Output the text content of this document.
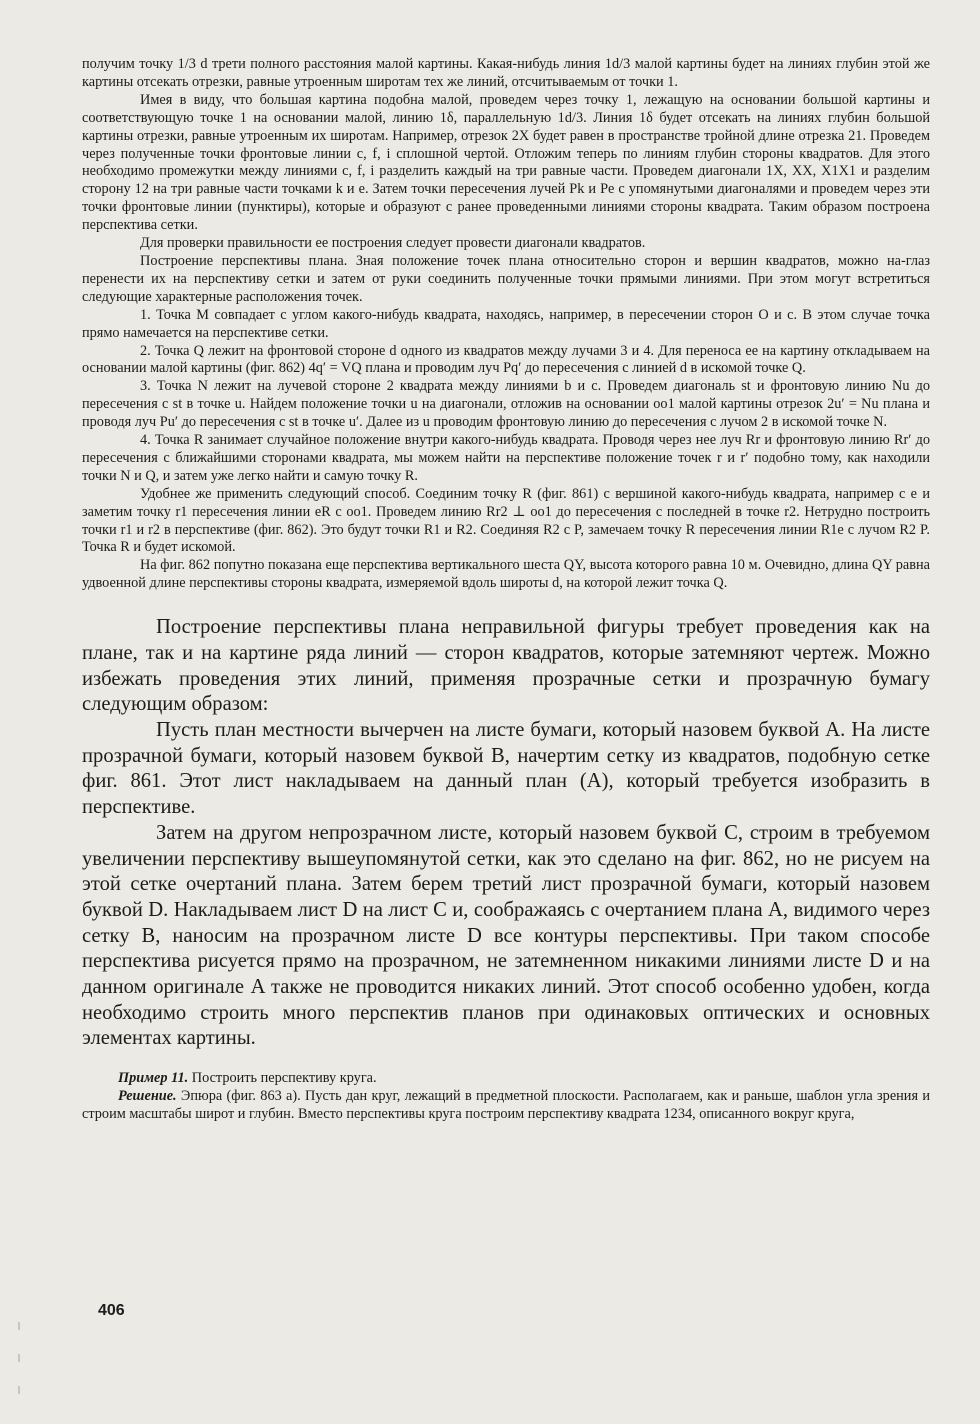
получим точку 1/3 d трети полного расстояния малой картины. Какая-нибудь линия 1d/3 малой картины будет на линиях глубин этой же картины отсекать отрезки, равные утроенным широтам тех же линий, отсчитываемым от точки 1.

Имея в виду, что большая картина подобна малой, проведем через точку 1, лежащую на основании большой картины и соответствующую точке 1 на основании малой, линию 1δ, параллельную 1d/3. Линия 1δ будет отсекать на линиях глубин большой картины отрезки, равные утроенным их широтам. Например, отрезок 2X будет равен в пространстве тройной длине отрезка 21. Проведем через полученные точки фронтовые линии c, f, i сплошной чертой. Отложим теперь по линиям глубин стороны квадратов. Для этого необходимо промежутки между линиями c, f, i разделить каждый на три равные части. Проведем диагонали 1X, XX, X1X1 и разделим сторону 12 на три равные части точками k и e. Затем точки пересечения лучей Pk и Pe с упомянутыми диагоналями и проведем через эти точки фронтовые линии (пунктиры), которые и образуют с ранее проведенными линиями стороны квадрата. Таким образом построена перспектива сетки.

Для проверки правильности ее построения следует провести диагонали квадратов.

Построение перспективы плана. Зная положение точек плана относительно сторон и вершин квадратов, можно на-глаз перенести их на перспективу сетки и затем от руки соединить полученные точки прямыми линиями. При этом могут встретиться следующие характерные расположения точек.

1. Точка M совпадает с углом какого-нибудь квадрата, находясь, например, в пересечении сторон O и c. В этом случае точка прямо намечается на перспективе сетки.

2. Точка Q лежит на фронтовой стороне d одного из квадратов между лучами 3 и 4. Для переноса ее на картину откладываем на основании малой картины (фиг. 862) 4q′ = VQ плана и проводим луч Pq′ до пересечения с линией d в искомой точке Q.

3. Точка N лежит на лучевой стороне 2 квадрата между линиями b и c. Проведем диагональ st и фронтовую линию Nu до пересечения с st в точке u. Найдем положение точки u на диагонали, отложив на основании oo1 малой картины отрезок 2u′ = Nu плана и проводя луч Pu′ до пересечения с st в точке u′. Далее из u проводим фронтовую линию до пересечения с лучом 2 в искомой точке N.

4. Точка R занимает случайное положение внутри какого-нибудь квадрата. Проводя через нее луч Rr и фронтовую линию Rr′ до пересечения с ближайшими сторонами квадрата, мы можем найти на перспективе положение точек r и r′ подобно тому, как находили точки N и Q, и затем уже легко найти и самую точку R.

Удобнее же применить следующий способ. Соединим точку R (фиг. 861) с вершиной какого-нибудь квадрата, например с e и заметим точку r1 пересечения линии eR с oo1. Проведем линию Rr2 ⊥ oo1 до пересечения с последней в точке r2. Нетрудно построить точки r1 и r2 в перспективе (фиг. 862). Это будут точки R1 и R2. Соединяя R2 с P, замечаем точку R пересечения линии R1e с лучом R2 P. Точка R и будет искомой.

На фиг. 862 попутно показана еще перспектива вертикального шеста QY, высота которого равна 10 м. Очевидно, длина QY равна удвоенной длине перспективы стороны квадрата, измеряемой вдоль широты d, на которой лежит точка Q.

Построение перспективы плана неправильной фигуры требует проведения как на плане, так и на картине ряда линий — сторон квадратов, которые затемняют чертеж. Можно избежать проведения этих линий, применяя прозрачные сетки и прозрачную бумагу следующим образом:

Пусть план местности вычерчен на листе бумаги, который назовем буквой A. На листе прозрачной бумаги, который назовем буквой B, начертим сетку из квадратов, подобную сетке фиг. 861. Этот лист накладываем на данный план (A), который требуется изобразить в перспективе.

Затем на другом непрозрачном листе, который назовем буквой C, строим в требуемом увеличении перспективу вышеупомянутой сетки, как это сделано на фиг. 862, но не рисуем на этой сетке очертаний плана. Затем берем третий лист прозрачной бумаги, который назовем буквой D. Накладываем лист D на лист C и, соображаясь с очертанием плана A, видимого через сетку B, наносим на прозрачном листе D все контуры перспективы. При таком способе перспектива рисуется прямо на прозрачном, не затемненном никакими линиями листе D и на данном оригинале A также не проводится никаких линий. Этот способ особенно удобен, когда необходимо строить много перспектив планов при одинаковых оптических и основных элементах картины.

Пример 11. Построить перспективу круга.

Решение. Эпюра (фиг. 863 а). Пусть дан круг, лежащий в предметной плоскости. Располагаем, как и раньше, шаблон угла зрения и строим масштабы широт и глубин. Вместо перспективы круга построим перспективу квадрата 1234, описанного вокруг круга,

406
